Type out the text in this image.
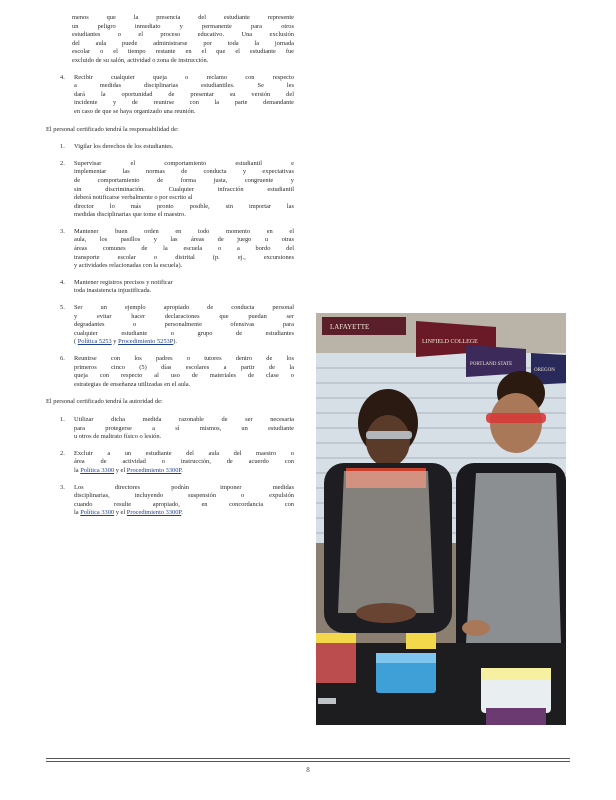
menos que la presencia del estudiante represente

un peligro inmediato y permanente para otros

estudiantes o el proceso educativo. Una exclusión

del aula puede administrarse por toda la jornada

escolar o el tiempo restante en el que el estudiante fue

excluido de su salón, actividad o zona de instrucción.

4. Recibir cualquier queja o reclamo con respecto

a medidas disciplinarias estudiantiles. Se les

dará la oportunidad de presentar su versión del

incidente y de reunirse con la parte demandante

en caso de que se haya organizado una reunión.

El personal certificado tendrá la responsabilidad de:

1. Vigilar los derechos de los estudiantes.

2. Supervisar el comportamiento estudiantil e

implementar las normas de conducta y expectativas

de comportamiento de forma justa, congruente y

sin discriminación. Cualquier infracción estudiantil

deberá notificarse verbalmente o por escrito al

director lo más pronto posible, sin importar las

medidas disciplinarias que tome el maestro.

3. Mantener buen orden en todo momento en el

aula, los pasillos y las áreas de juego u otras

áreas comunes de la escuela o a bordo del

transporte escolar o distrital (p. ej., excursiones

y actividades relacionadas con la escuela).

4. Mantener registros precisos y notificar

toda inasistencia injustificada.

5. Ser un ejemplo apropiado de conducta personal

y evitar hacer declaraciones que puedan ser

degradantes o personalmente ofensivas para

cualquier estudiante o grupo de estudiantes

( Política 5253 y Procedimiento 5253P).

6. Reunirse con los padres o tutores dentro de los

primeros cinco (5) días escolares a partir de la

queja con respecto al uso de materiales de clase o

estrategias de enseñanza utilizadas en el aula.

El personal certificado tendrá la autoridad de:

1. Utilizar dicha medida razonable de ser necesaria

para protegerse a sí mismos, un estudiante

u otros de maltrato físico o lesión.

2. Excluir a un estudiante del aula del maestro o

área de actividad o instrucción, de acuerdo con

la Política 3300 y el Procedimiento 3300P.

3. Los directores podrán imponer medidas

disciplinarias, incluyendo suspensión o expulsión

cuando resulte apropiado, en concordancia con

la Política 3300 y el Procedimiento 3300P.

LAFAYETTE
LINFIELD COLLEGE
PORTLAND STATE
OREGON
8
